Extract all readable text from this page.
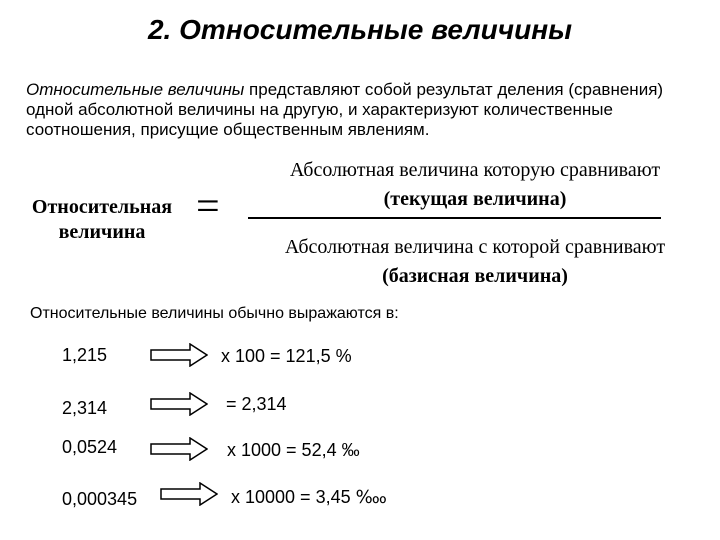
2. Относительные величины
Относительные величины представляют собой результат деления (сравнения) одной абсолютной величины на другую, и характеризуют количественные соотношения, присущие общественным явлениям.
Относительная
величина
=
Абсолютная величина которую сравнивают
(текущая величина)
Абсолютная величина с которой сравнивают
(базисная величина)
Относительные величины обычно выражаются в:
1,215	х 100 = 121,5 %
2,314	= 2,314
0,0524	х 1000 = 52,4 ‰
0,000345	х 10000 = 3,45 ‱
